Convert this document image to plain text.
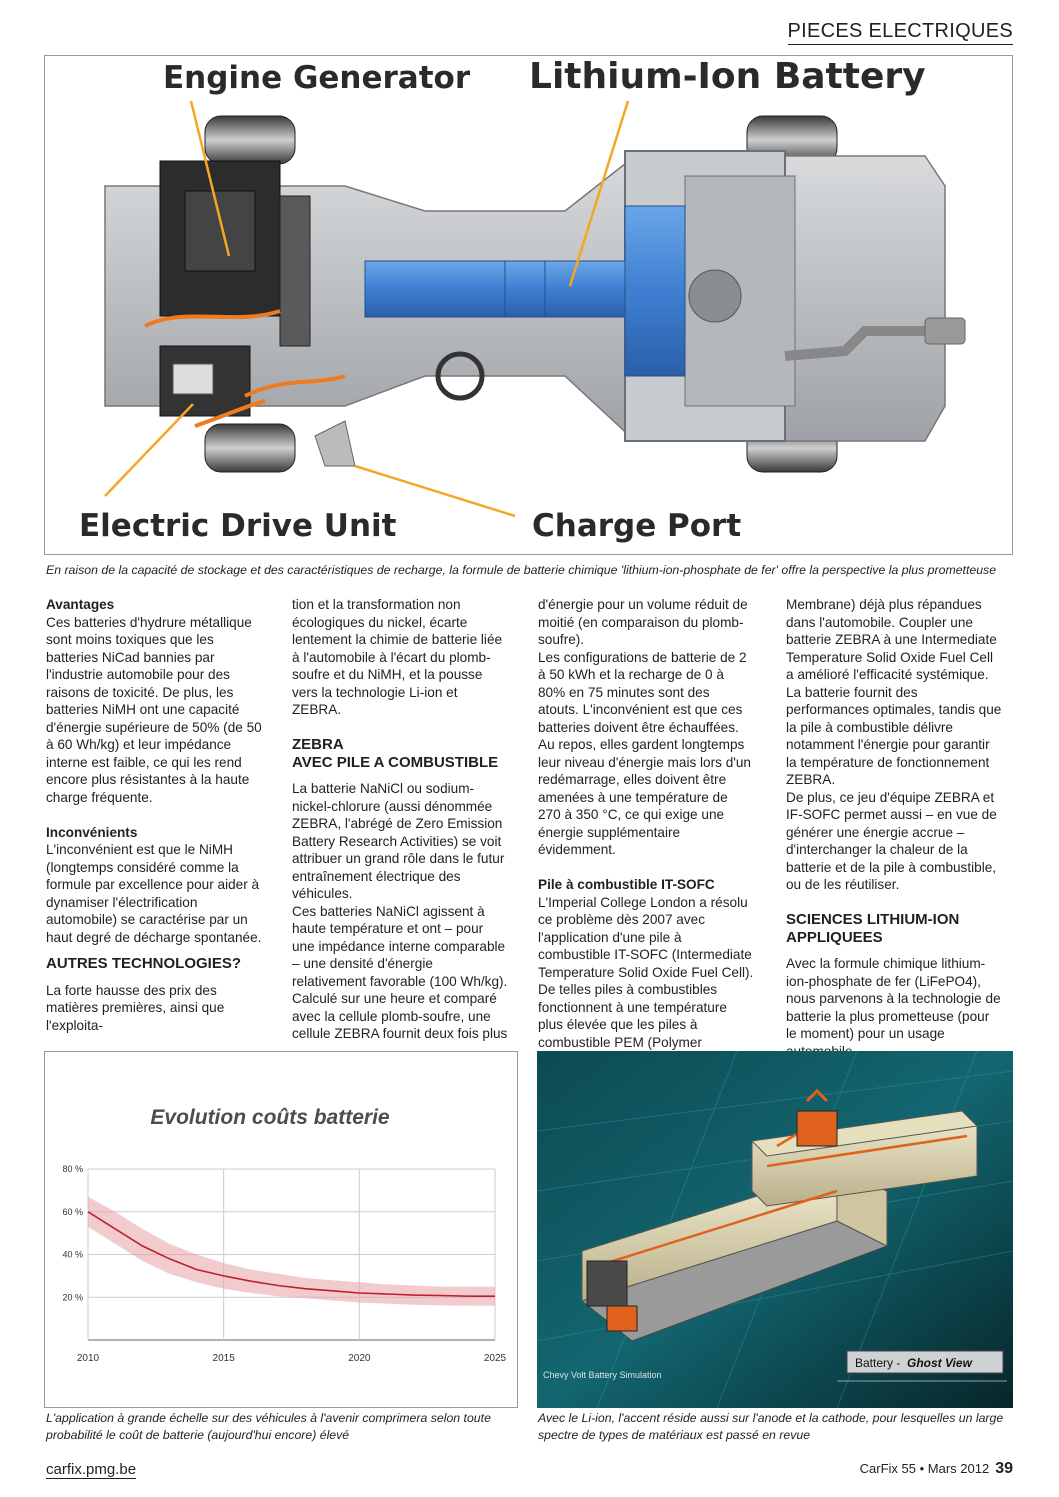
PIECES ELECTRIQUES
Engine Generator Lithium-Ion Battery
Electric Drive Unit	Charge Port
En raison de la capacité de stockage et des caractéristiques de recharge, la formule de batterie chimique 'lithium-ion-phosphate de fer' offre la perspective la plus prometteuse

Avantages

Ces batteries d'hydrure métallique sont moins toxiques que les batteries NiCad bannies par l'industrie automobile pour des raisons de toxicité. De plus, les batteries NiMH ont une capacité d'énergie supérieure de 50% (de 50 à 60 Wh/kg) et leur impédance interne est faible, ce qui les rend encore plus résistantes à la haute charge fréquente.

Inconvénients

L'inconvénient est que le NiMH (longtemps considéré comme la formule par excellence pour aider à dynamiser l'électrification automobile) se caractérise par un haut degré de décharge spontanée.

AUTRES TECHNOLOGIES?

La forte hausse des prix des matières premières, ainsi que l'exploita-

tion et la transformation non écologiques du nickel, écarte lentement la chimie de batterie liée à l'automobile à l'écart du plomb-soufre et du NiMH, et la pousse vers la technologie Li-ion et ZEBRA.

ZEBRA

AVEC PILE A COMBUSTIBLE

La batterie NaNiCl ou sodium-nickel-chlorure (aussi dénommée ZEBRA, l'abrégé de Zero Emission Battery Research Activities) se voit attribuer un grand rôle dans le futur entraînement électrique des véhicules.

Ces batteries NaNiCl agissent à haute température et ont – pour une impédance interne comparable – une densité d'énergie relativement favorable (100 Wh/kg).

Calculé sur une heure et comparé avec la cellule plomb-soufre, une cellule ZEBRA fournit deux fois plus

d'énergie pour un volume réduit de moitié (en comparaison du plomb-soufre).

Les configurations de batterie de 2 à 50 kWh et la recharge de 0 à 80% en 75 minutes sont des atouts. L'inconvénient est que ces batteries doivent être échauffées. Au repos, elles gardent longtemps leur niveau d'énergie mais lors d'un redémarrage, elles doivent être amenées à une température de 270 à 350 °C, ce qui exige une énergie supplémentaire évidemment.

Pile à combustible IT-SOFC

L'Imperial College London a résolu ce problème dès 2007 avec l'application d'une pile à combustible IT-SOFC (Intermediate Temperature Solid Oxide Fuel Cell).

De telles piles à combustibles fonctionnent à une température plus élevée que les piles à combustible PEM (Polymer

Membrane) déjà plus répandues dans l'automobile. Coupler une batterie ZEBRA à une Intermediate Temperature Solid Oxide Fuel Cell a amélioré l'efficacité systémique.

La batterie fournit des performances optimales, tandis que la pile à combustible délivre notamment l'énergie pour garantir la température de fonctionnement ZEBRA.

De plus, ce jeu d'équipe ZEBRA et IF-SOFC permet aussi – en vue de générer une énergie accrue – d'interchanger la chaleur de la batterie et de la pile à combustible, ou de les réutiliser.

SCIENCES LITHIUM-ION

APPLIQUEES

Avec la formule chimique lithium-ion-phosphate de fer (LiFePO4), nous parvenons à la technologie de batterie la plus prometteuse (pour le moment) pour un usage

Evolution coûts batterie
20 %
40 %
60 %
80 %
2010	2015	2020	2025	Battery - Ghost View
Chevy Volt Battery Simulation
L'application à grande échelle sur des véhicules à l'avenir comprimera selon toute probabilité le coût de batterie (aujourd'hui encore) élevé
Avec le Li-ion, l'accent réside aussi sur l'anode et la cathode, pour lesquelles un large spectre de types de matériaux est passé en revue
carfix.pmg.be	CarFix 55 • Mars 2012 39
